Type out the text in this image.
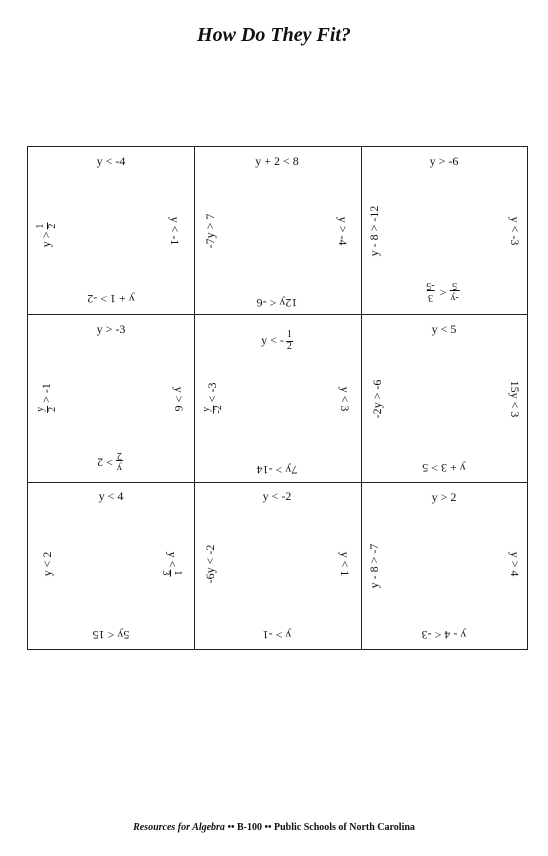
How Do They Fit?
y < -4
y >
1 2	y < -1
y + 1 > -2
y + 2 < 8
-7y > 7	y > -4
12y < -6
y > -6
y - 8 > -12	y < -3
-y
5
<
3
-5
y > -3
y 2
> -1	y > 6
y
2
> 2
y < - $\frac{1}{2}$
y -2
< -3	y < 3
7y > -14
y < 5
-2y > -6	15y < 3
y + 3 > 5
y < 4
y < 2	y <
1
3
5y < 15
y < -2
-6y < -2	y < 1
y > -1
y > 2
y - 8 > -7	y > 4
y - 4 < -3
Resources for Algebra •• B-100 •• Public Schools of North Carolina
